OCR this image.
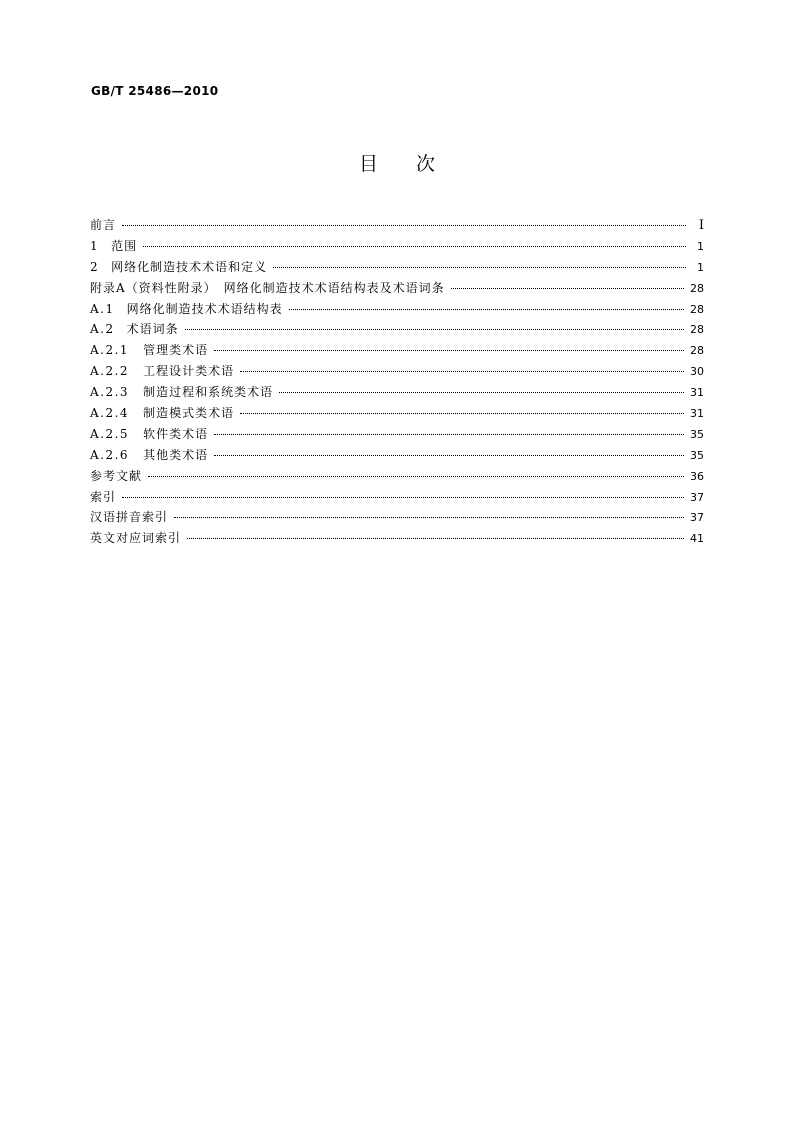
GB/T 25486—2010
目　　次
前言	Ⅰ
1 范围	1
2 网络化制造技术术语和定义	1
附录A（资料性附录）　网络化制造技术术语结构表及术语词条	28
A.1 网络化制造技术术语结构表	28
A.2 术语词条	28
A.2.1 管理类术语	28
A.2.2 工程设计类术语	30
A.2.3 制造过程和系统类术语	31
A.2.4 制造模式类术语	31
A.2.5 软件类术语	35
A.2.6 其他类术语	35
参考文献	36
索引	37
汉语拼音索引	37
英文对应词索引	41
